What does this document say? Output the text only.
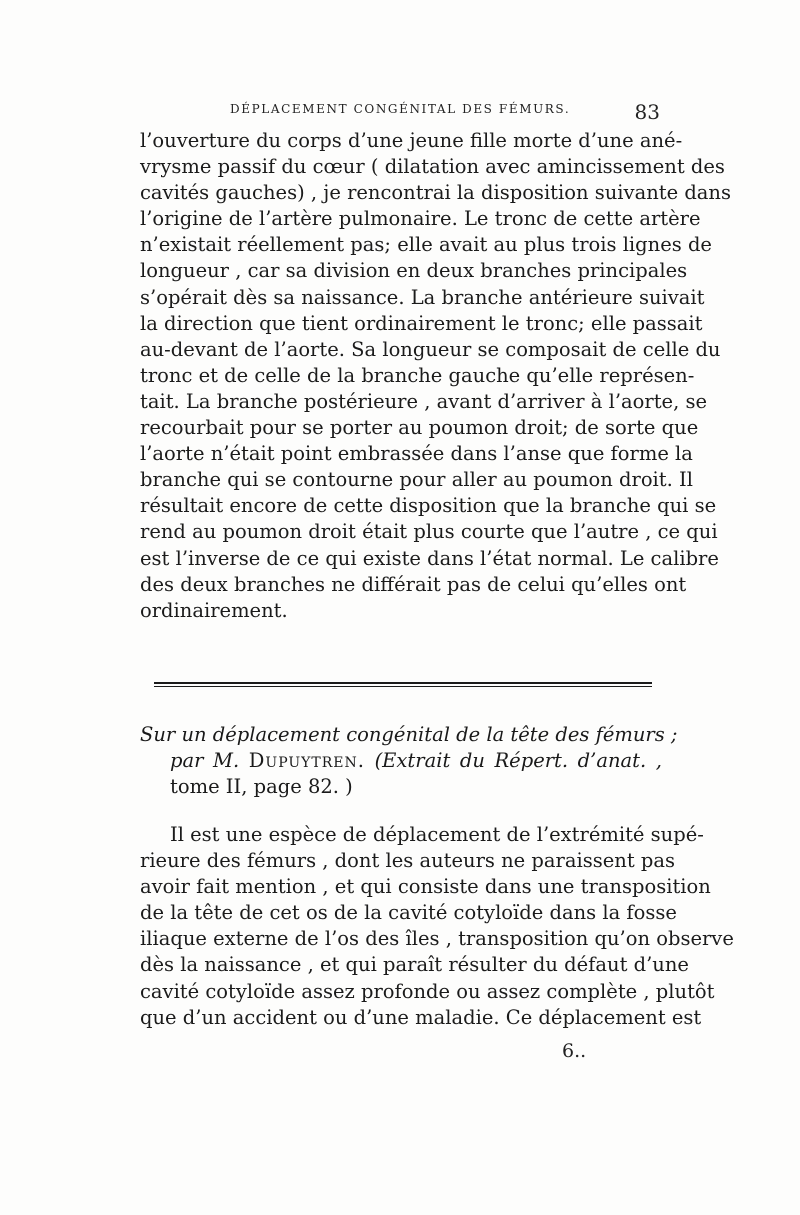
DÉPLACEMENT CONGÉNITAL DES FÉMURS.	83
l’ouverture du corps d’une jeune fille morte d’une ané-
vrysme passif du cœur ( dilatation avec amincissement des
cavités gauches) , je rencontrai la disposition suivante dans
l’origine de l’artère pulmonaire. Le tronc de cette artère
n’existait réellement pas; elle avait au plus trois lignes de
longueur , car sa division en deux branches principales
s’opérait dès sa naissance. La branche antérieure suivait
la direction que tient ordinairement le tronc; elle passait
au-devant de l’aorte. Sa longueur se composait de celle du
tronc et de celle de la branche gauche qu’elle représen-
tait. La branche postérieure , avant d’arriver à l’aorte, se
recourbait pour se porter au poumon droit; de sorte que
l’aorte n’était point embrassée dans l’anse que forme la
branche qui se contourne pour aller au poumon droit. Il
résultait encore de cette disposition que la branche qui se
rend au poumon droit était plus courte que l’autre , ce qui
est l’inverse de ce qui existe dans l’état normal. Le calibre
des deux branches ne différait pas de celui qu’elles ont
ordinairement.
Sur un déplacement congénital de la tête des fémurs ;
par M. Dupuytren. (Extrait du Répert. d’anat. ,
tome II, page 82. )
Il est une espèce de déplacement de l’extrémité supé-
rieure des fémurs , dont les auteurs ne paraissent pas
avoir fait mention , et qui consiste dans une transposition
de la tête de cet os de la cavité cotyloïde dans la fosse
iliaque externe de l’os des îles , transposition qu’on observe
dès la naissance , et qui paraît résulter du défaut d’une
cavité cotyloïde assez profonde ou assez complète , plutôt
que d’un accident ou d’une maladie. Ce déplacement est
6..
